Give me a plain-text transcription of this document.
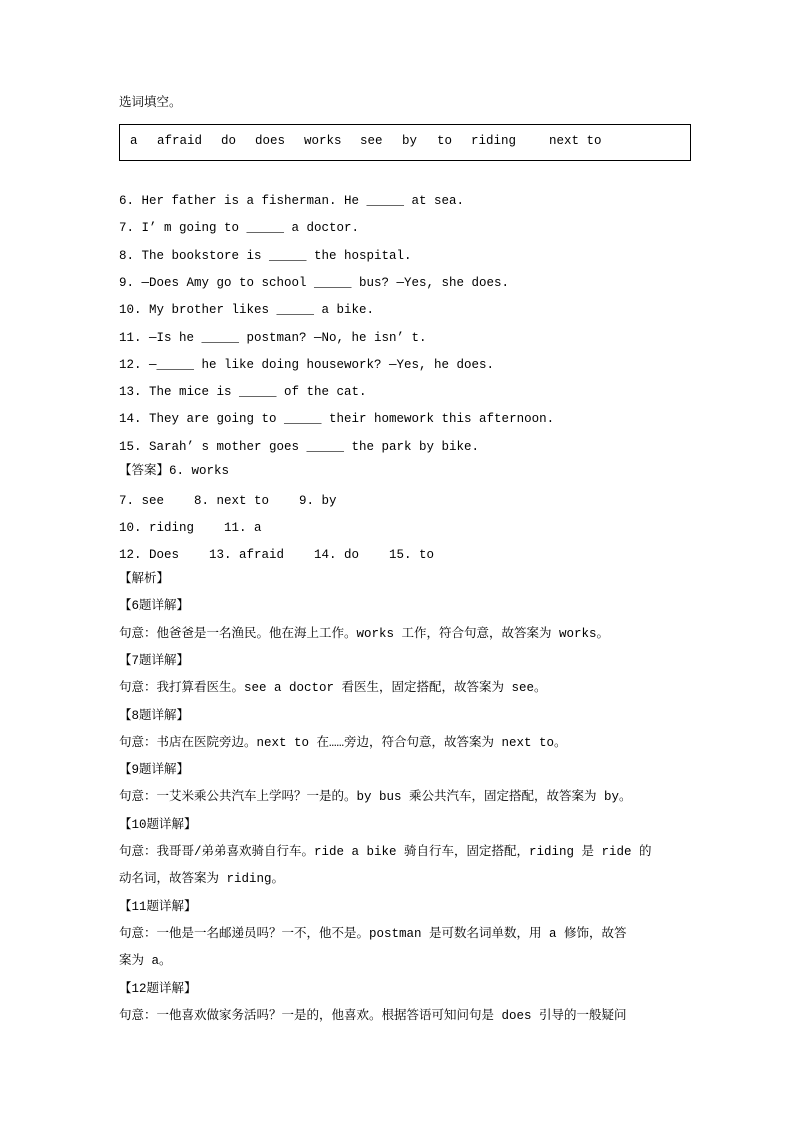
选词填空。
a afraid do does works see by to riding	next to
6. Her father is a fisherman. He _____ at sea.
7. I’ m going to _____ a doctor.
8. The bookstore is _____ the hospital.
9. —Does Amy go to school _____ bus? —Yes, she does.
10. My brother likes _____ a bike.
11. —Is he _____ postman? —No, he isn’ t.
12. —_____ he like doing housework? —Yes, he does.
13. The mice is _____ of the cat.
14. They are going to _____ their homework this afternoon.
15. Sarah’ s mother goes _____ the park by bike.
【答案】6. works
7. see    8. next to    9. by
10. riding    11. a
12. Does    13. afraid    14. do    15. to
【解析】
【6题详解】
句意：他爸爸是一名渔民。他在海上工作。works 工作，符合句意，故答案为 works。
【7题详解】
句意：我打算看医生。see a doctor 看医生，固定搭配，故答案为 see。
【8题详解】
句意：书店在医院旁边。next to 在……旁边，符合句意，故答案为 next to。
【9题详解】
句意：一艾米乘公共汽车上学吗？一是的。by bus 乘公共汽车，固定搭配，故答案为 by。
【10题详解】
句意：我哥哥/弟弟喜欢骑自行车。ride a bike 骑自行车，固定搭配，riding 是 ride 的
动名词，故答案为 riding。
【11题详解】
句意：一他是一名邮递员吗？一不，他不是。postman 是可数名词单数，用 a 修饰，故答
案为 a。
【12题详解】
句意：一他喜欢做家务活吗？一是的，他喜欢。根据答语可知问句是 does 引导的一般疑问
